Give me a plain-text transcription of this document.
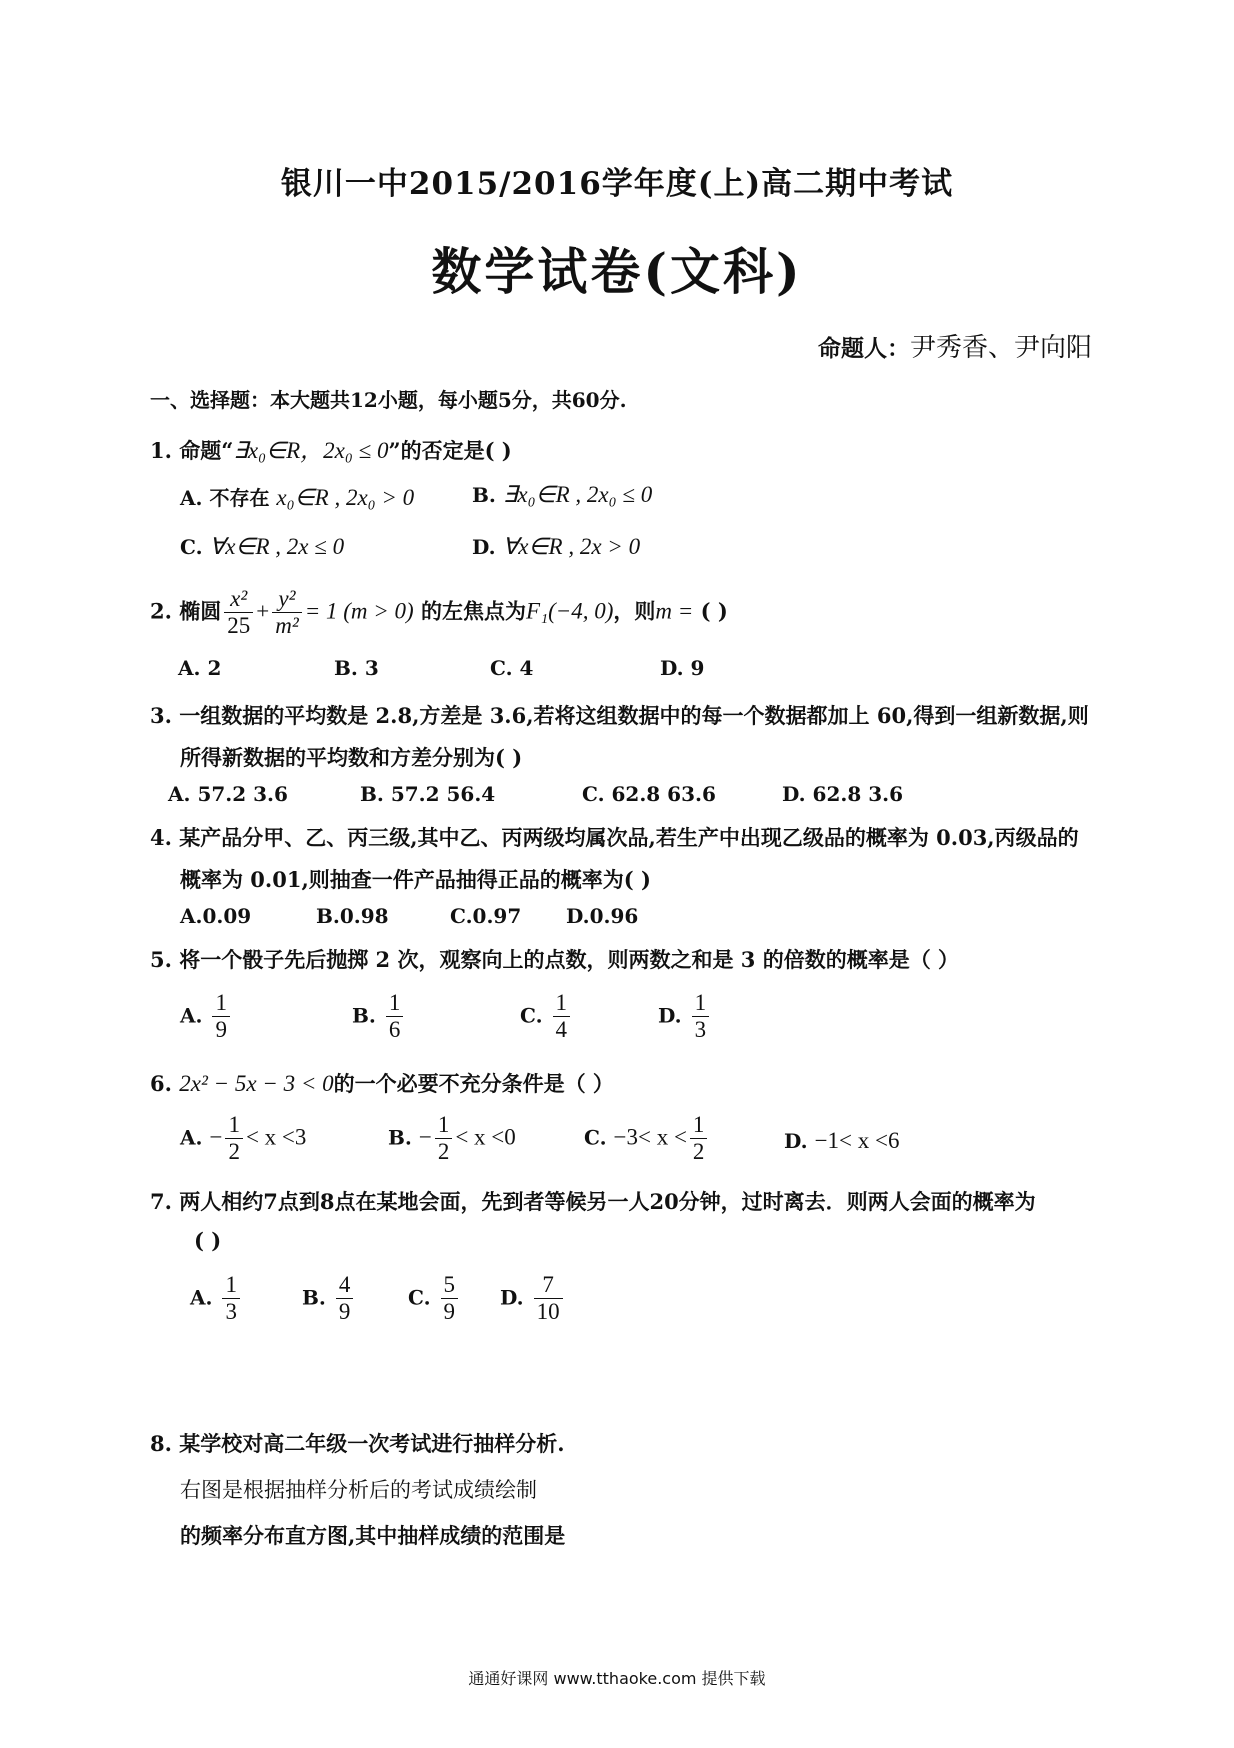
银川一中2015/2016学年度(上)高二期中考试
数学试卷(文科)
命题人：尹秀香、尹向阳
一、选择题：本大题共12小题，每小题5分，共60分.
1. 命题“∃x₀∈R，2x₀ ≤ 0”的否定是( )
A. 不存在 x₀∈R , 2x₀ > 0	B. ∃x₀∈R , 2x₀ ≤ 0
C. ∀x∈R , 2x ≤ 0	D. ∀x∈R , 2x > 0
2. 椭圆 $\frac{\text{x²}}{25} + \frac{\text{y²}}{\text{m²}} = 1$ (m > 0) 的左焦点为F₁(−4, 0)，则m = ( )
A. 2	B. 3	C. 4	D. 9
3. 一组数据的平均数是 2.8,方差是 3.6,若将这组数据中的每一个数据都加上 60,得到一组新数据,则
所得新数据的平均数和方差分别为( )
A. 57.2 3.6	B. 57.2 56.4	C. 62.8 63.6	D. 62.8 3.6
4. 某产品分甲、乙、丙三级,其中乙、丙两级均属次品,若生产中出现乙级品的概率为 0.03,丙级品的
概率为 0.01,则抽查一件产品抽得正品的概率为( )
A.0.09	B.0.98	C.0.97 D.0.96
5. 将一个骰子先后抛掷 2 次，观察向上的点数，则两数之和是 3 的倍数的概率是（ ）
A. $\frac{1}{9}$	B. $\frac{1}{6}$	C. $\frac{1}{4}$	D. $\frac{1}{3}$
6. 2x² − 5x − 3 < 0的一个必要不充分条件是（ ）
A. − $\frac{1}{2} < x <3$	B. − $\frac{1}{2} < x <0$	C. $-3< x < \frac{1}{2}$	D. −1< x <6
7. 两人相约7点到8点在某地会面，先到者等候另一人20分钟，过时离去．则两人会面的概率为
( )
A. $\frac{1}{3}$	B. $\frac{4}{9}$	C. $\frac{5}{9} D$. $\frac{7}{10}$
8. 某学校对高二年级一次考试进行抽样分析.
右图是根据抽样分析后的考试成绩绘制
的频率分布直方图,其中抽样成绩的范围是
通通好课网 www.tthaoke.com 提供下载
